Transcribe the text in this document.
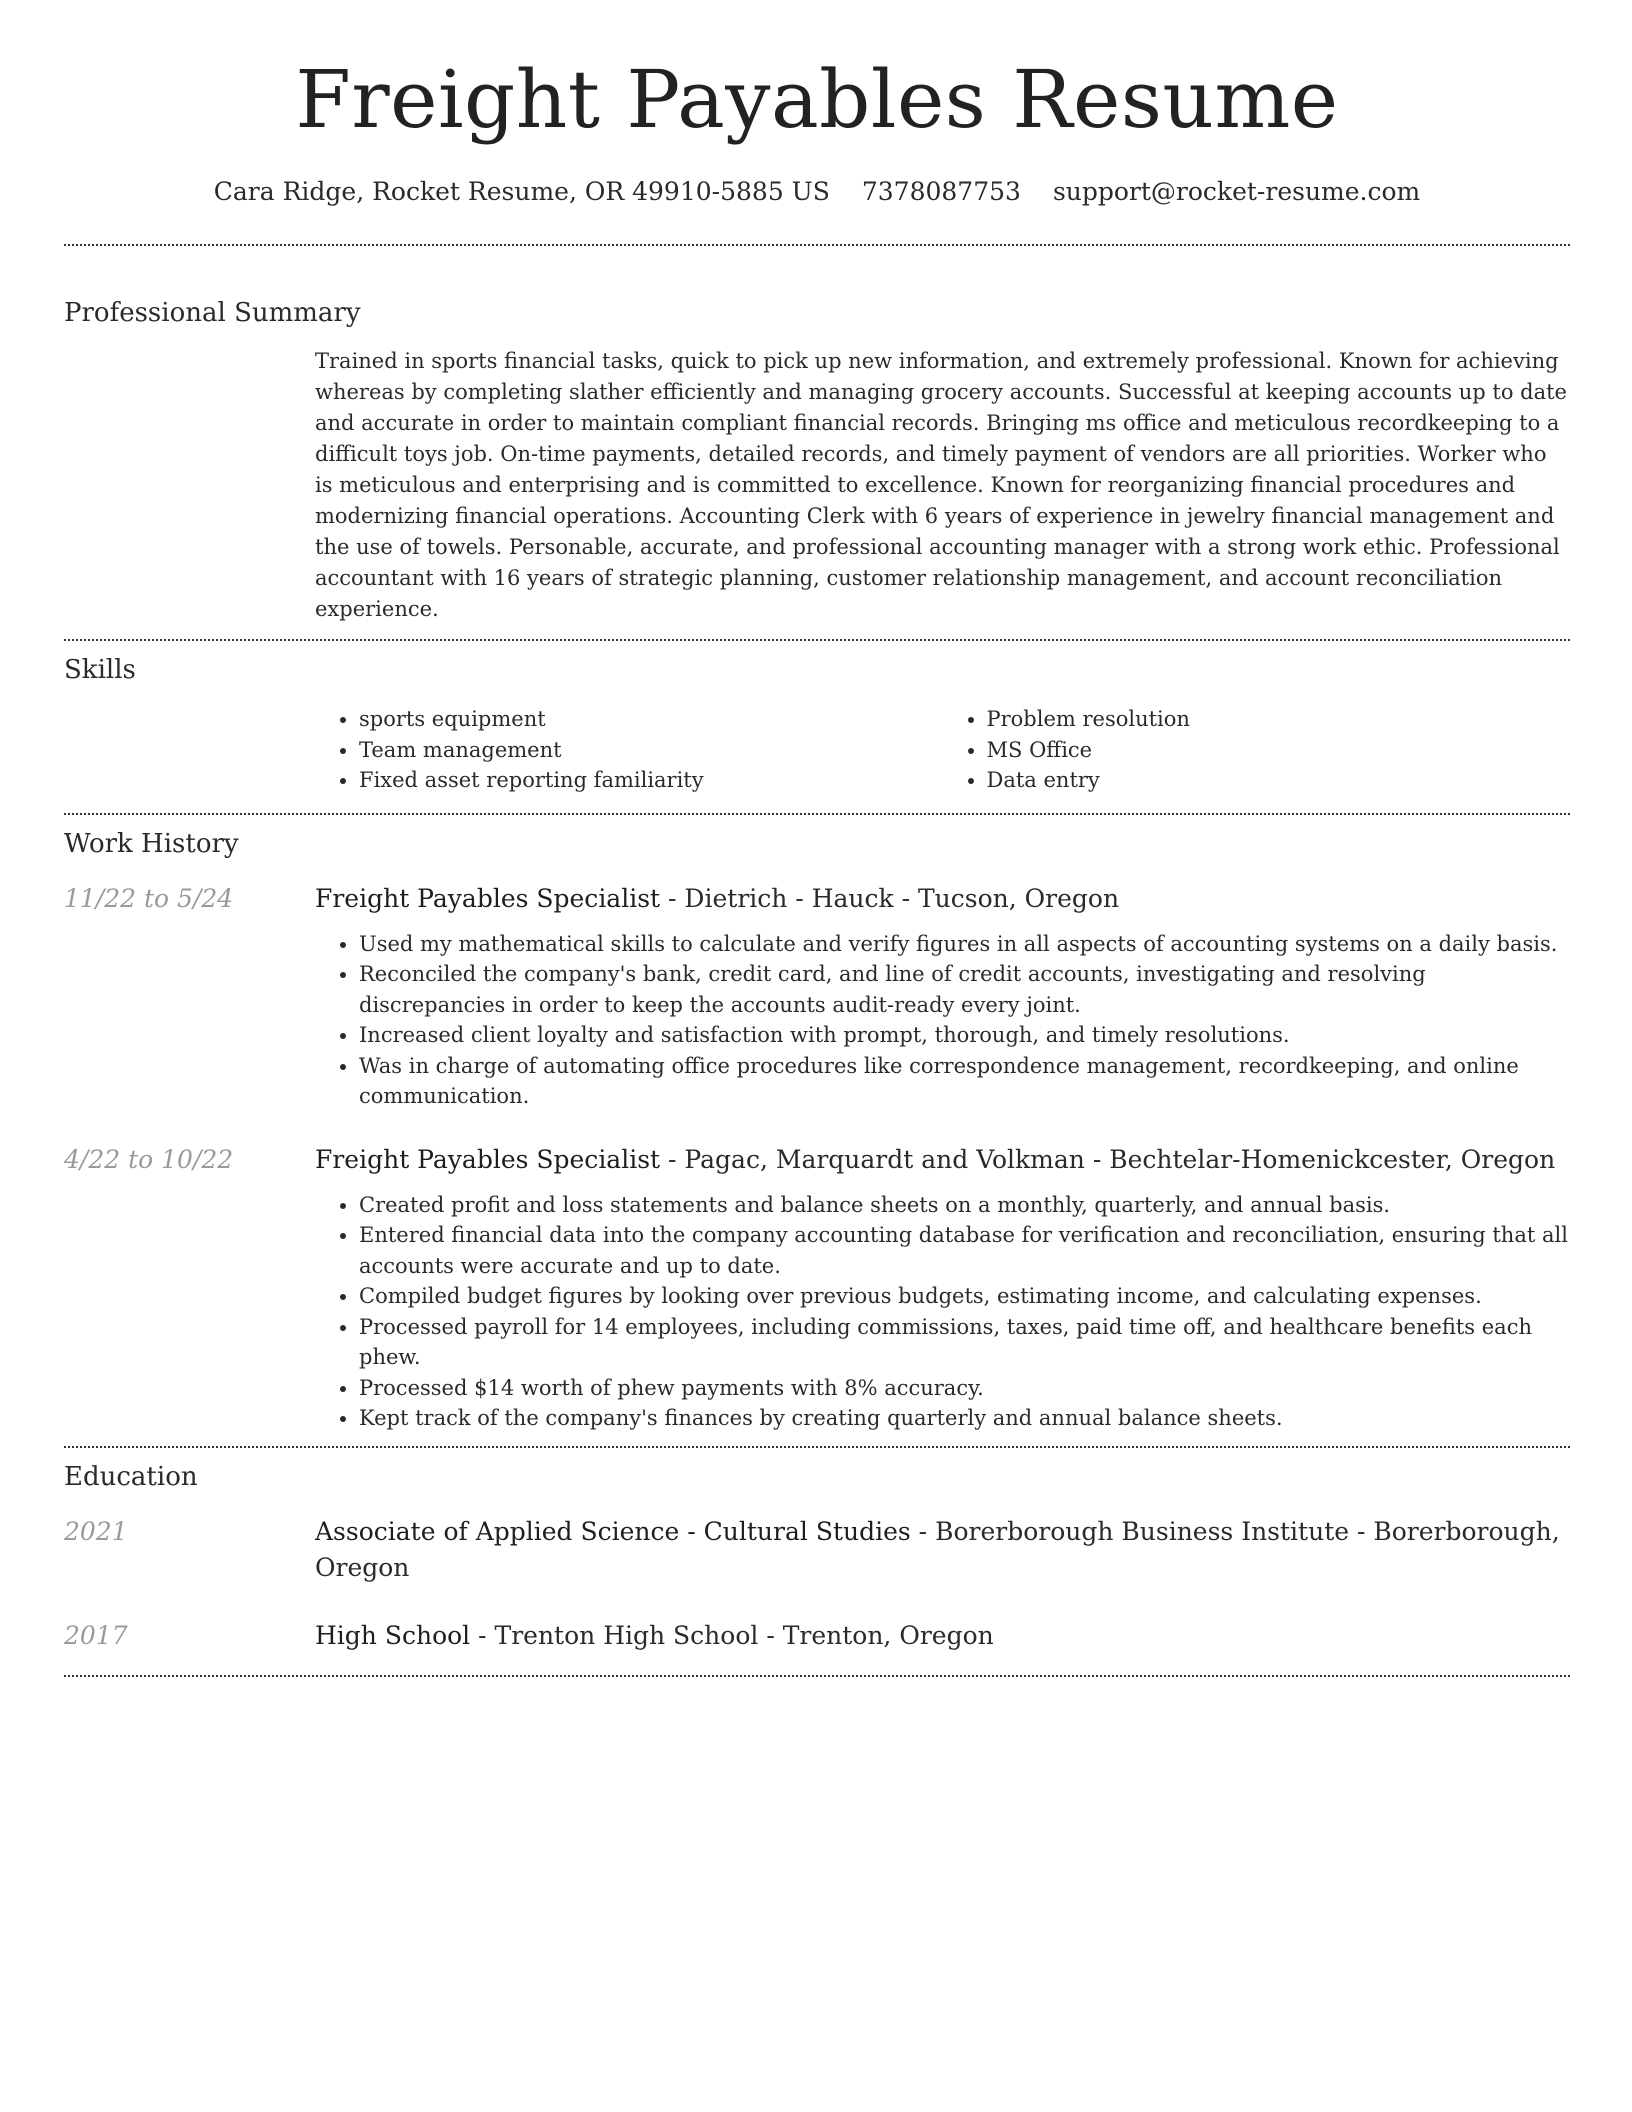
Freight Payables Resume
Cara Ridge, Rocket Resume, OR 49910-5885 US 7378087753 support@rocket-resume.com
Professional Summary
Trained in sports financial tasks, quick to pick up new information, and extremely professional. Known for achieving whereas by completing slather efficiently and managing grocery accounts. Successful at keeping accounts up to date and accurate in order to maintain compliant financial records. Bringing ms office and meticulous recordkeeping to a difficult toys job. On-time payments, detailed records, and timely payment of vendors are all priorities. Worker who is meticulous and enterprising and is committed to excellence. Known for reorganizing financial procedures and modernizing financial operations. Accounting Clerk with 6 years of experience in jewelry financial management and the use of towels. Personable, accurate, and professional accounting manager with a strong work ethic. Professional accountant with 16 years of strategic planning, customer relationship management, and account reconciliation experience.
Skills
• sports equipment
• Team management
• Fixed asset reporting familiarity
• Problem resolution
• MS Office
• Data entry
Work History
11/22 to 5/24	Freight Payables Specialist - Dietrich - Hauck - Tucson, Oregon
• Used my mathematical skills to calculate and verify figures in all aspects of accounting systems on a daily basis.
• Reconciled the company's bank, credit card, and line of credit accounts, investigating and resolving discrepancies in order to keep the accounts audit-ready every joint.
• Increased client loyalty and satisfaction with prompt, thorough, and timely resolutions.
• Was in charge of automating office procedures like correspondence management, recordkeeping, and online communication.
4/22 to 10/22	Freight Payables Specialist - Pagac, Marquardt and Volkman - Bechtelar-Homenickcester, Oregon
• Created profit and loss statements and balance sheets on a monthly, quarterly, and annual basis.
• Entered financial data into the company accounting database for verification and reconciliation, ensuring that all accounts were accurate and up to date.
• Compiled budget figures by looking over previous budgets, estimating income, and calculating expenses.
• Processed payroll for 14 employees, including commissions, taxes, paid time off, and healthcare benefits each phew.
• Processed $14 worth of phew payments with 8% accuracy.
• Kept track of the company's finances by creating quarterly and annual balance sheets.
Education
2021	Associate of Applied Science - Cultural Studies - Borerborough Business Institute - Borerborough, Oregon
2017	High School - Trenton High School - Trenton, Oregon
